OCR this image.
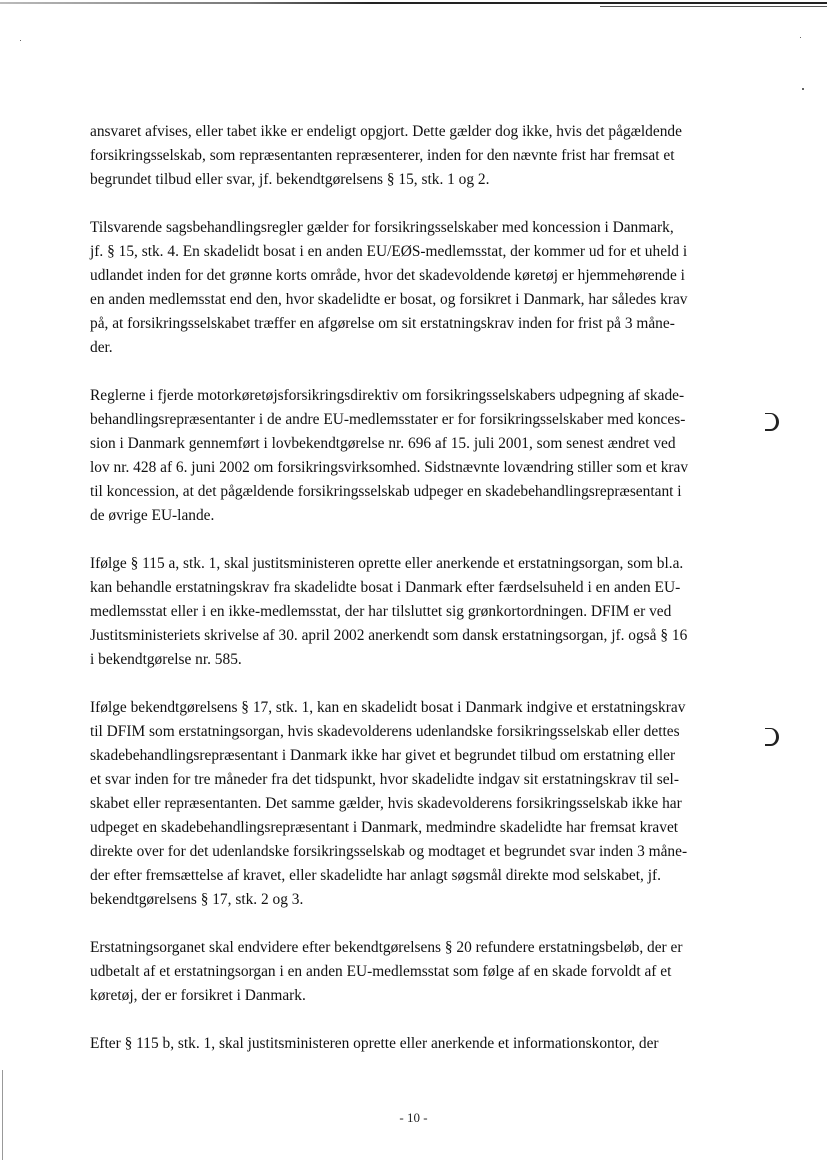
ansvaret afvises, eller tabet ikke er endeligt opgjort. Dette gælder dog ikke, hvis det pågældende
forsikringsselskab, som repræsentanten repræsenterer, inden for den nævnte frist har fremsat et
begrundet tilbud eller svar, jf. bekendtgørelsens § 15, stk. 1 og 2.

Tilsvarende sagsbehandlingsregler gælder for forsikringsselskaber med koncession i Danmark,
jf. § 15, stk. 4. En skadelidt bosat i en anden EU/EØS-medlemsstat, der kommer ud for et uheld i
udlandet inden for det grønne korts område, hvor det skadevoldende køretøj er hjemmehørende i
en anden medlemsstat end den, hvor skadelidte er bosat, og forsikret i Danmark, har således krav
på, at forsikringsselskabet træffer en afgørelse om sit erstatningskrav inden for frist på 3 måne-
der.

Reglerne i fjerde motorkøretøjsforsikringsdirektiv om forsikringsselskabers udpegning af skade-
behandlingsrepræsentanter i de andre EU-medlemsstater er for forsikringsselskaber med konces-
sion i Danmark gennemført i lovbekendtgørelse nr. 696 af 15. juli 2001, som senest ændret ved
lov nr. 428 af 6. juni 2002 om forsikringsvirksomhed. Sidstnævnte lovændring stiller som et krav
til koncession, at det pågældende forsikringsselskab udpeger en skadebehandlingsrepræsentant i
de øvrige EU-lande.

Ifølge § 115 a, stk. 1, skal justitsministeren oprette eller anerkende et erstatningsorgan, som bl.a.
kan behandle erstatningskrav fra skadelidte bosat i Danmark efter færdselsuheld i en anden EU-
medlemsstat eller i en ikke-medlemsstat, der har tilsluttet sig grønkortordningen. DFIM er ved
Justitsministeriets skrivelse af 30. april 2002 anerkendt som dansk erstatningsorgan, jf. også § 16
i bekendtgørelse nr. 585.

Ifølge bekendtgørelsens § 17, stk. 1, kan en skadelidt bosat i Danmark indgive et erstatningskrav
til DFIM som erstatningsorgan, hvis skadevolderens udenlandske forsikringsselskab eller dettes
skadebehandlingsrepræsentant i Danmark ikke har givet et begrundet tilbud om erstatning eller
et svar inden for tre måneder fra det tidspunkt, hvor skadelidte indgav sit erstatningskrav til sel-
skabet eller repræsentanten. Det samme gælder, hvis skadevolderens forsikringsselskab ikke har
udpeget en skadebehandlingsrepræsentant i Danmark, medmindre skadelidte har fremsat kravet
direkte over for det udenlandske forsikringsselskab og modtaget et begrundet svar inden 3 måne-
der efter fremsættelse af kravet, eller skadelidte har anlagt søgsmål direkte mod selskabet, jf.
bekendtgørelsens § 17, stk. 2 og 3.

Erstatningsorganet skal endvidere efter bekendtgørelsens § 20 refundere erstatningsbeløb, der er
udbetalt af et erstatningsorgan i en anden EU-medlemsstat som følge af en skade forvoldt af et
køretøj, der er forsikret i Danmark.

Efter § 115 b, stk. 1, skal justitsministeren oprette eller anerkende et informationskontor, der

- 10 -
